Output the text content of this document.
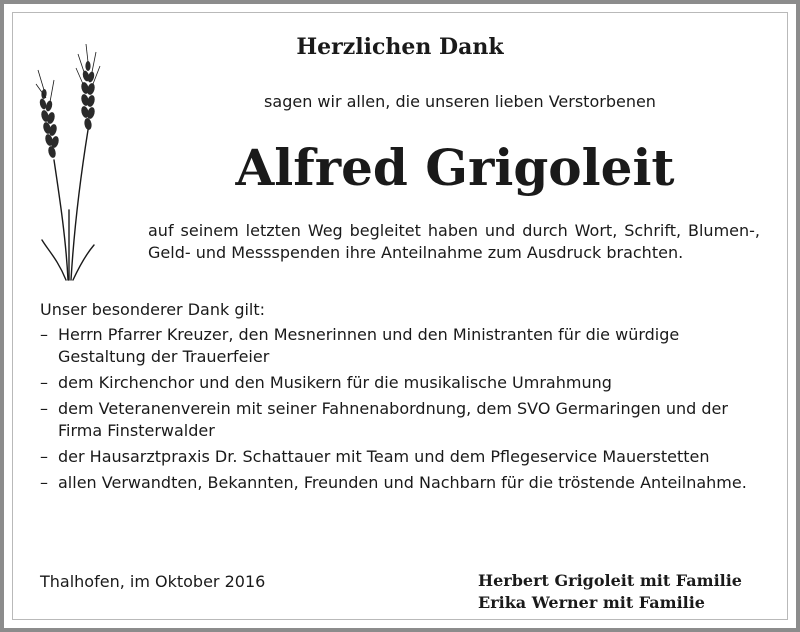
Herzlichen Dank
sagen wir allen, die unseren lieben Verstorbenen
Alfred Grigoleit
auf seinem letzten Weg begleitet haben und durch Wort, Schrift, Blumen-, Geld- und Messspenden ihre Anteilnahme zum Ausdruck brachten.
Unser besonderer Dank gilt:
– Herrn Pfarrer Kreuzer, den Mesnerinnen und den Ministranten für die würdige Gestaltung der Trauerfeier
– dem Kirchenchor und den Musikern für die musikalische Umrahmung
– dem Veteranenverein mit seiner Fahnenabordnung, dem SVO Germaringen und der Firma Finsterwalder
– der Hausarztpraxis Dr. Schattauer mit Team und dem Pflegeservice Mauerstetten
– allen Verwandten, Bekannten, Freunden und Nachbarn für die tröstende Anteilnahme.
Thalhofen, im Oktober 2016	Herbert Grigoleit mit Familie
Erika Werner mit Familie
